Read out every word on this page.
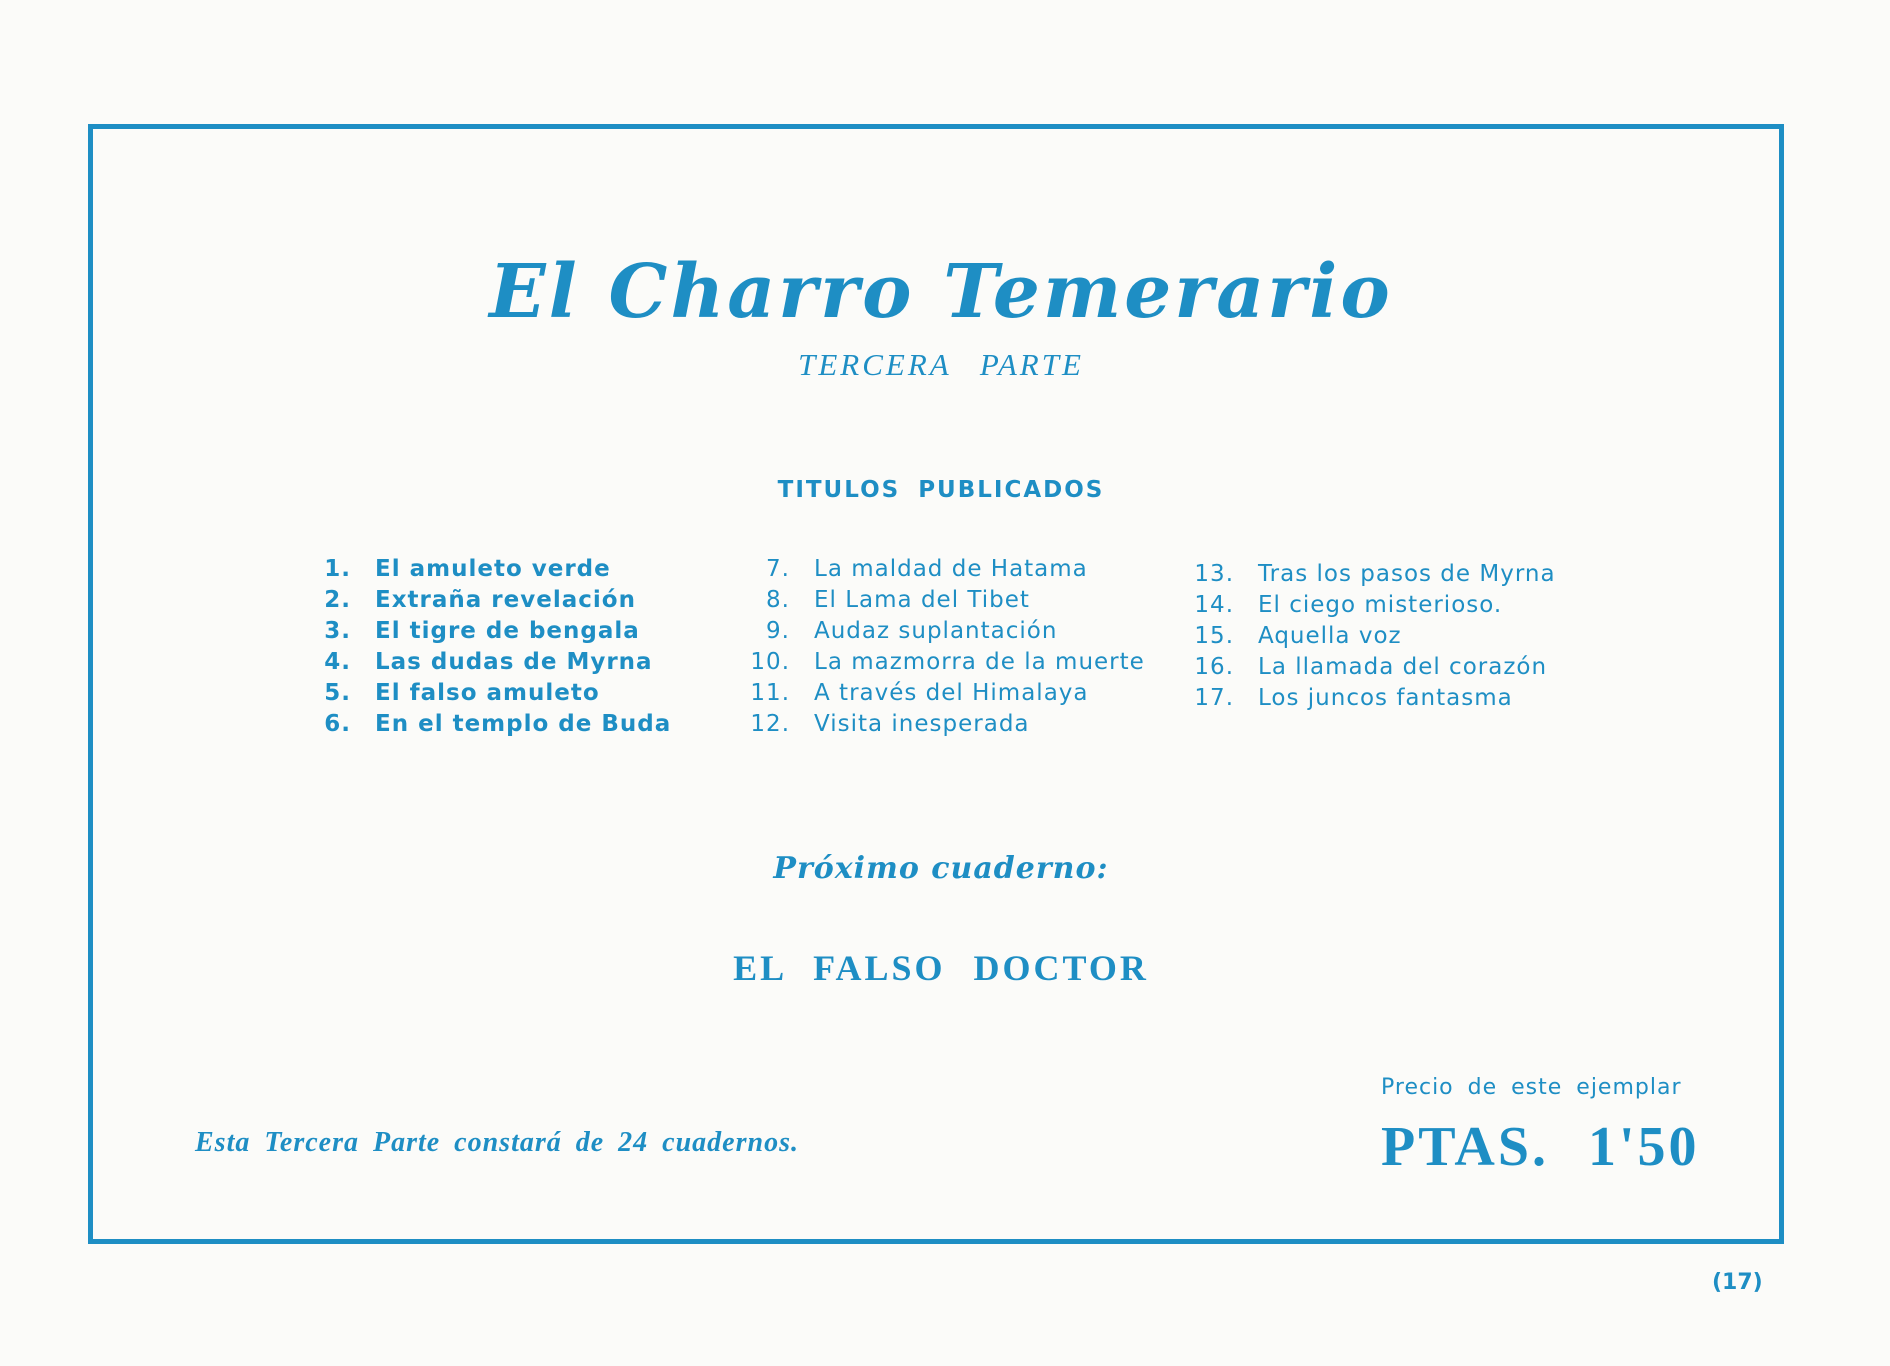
El Charro Temerario
TERCERA PARTE
TITULOS PUBLICADOS
1. El amuleto verde
2. Extraña revelación
3. El tigre de bengala
4. Las dudas de Myrna
5. El falso amuleto
6. En el templo de Buda
7. La maldad de Hatama
8. El Lama del Tibet
9. Audaz suplantación
10. La mazmorra de la muerte
11. A través del Himalaya
12. Visita inesperada
13. Tras los pasos de Myrna
14. El ciego misterioso.
15. Aquella voz
16. La llamada del corazón
17. Los juncos fantasma
Próximo cuaderno:
EL FALSO DOCTOR
Esta Tercera Parte constará de 24 cuadernos.
Precio de este ejemplar
PTAS. 1'50
(17)
